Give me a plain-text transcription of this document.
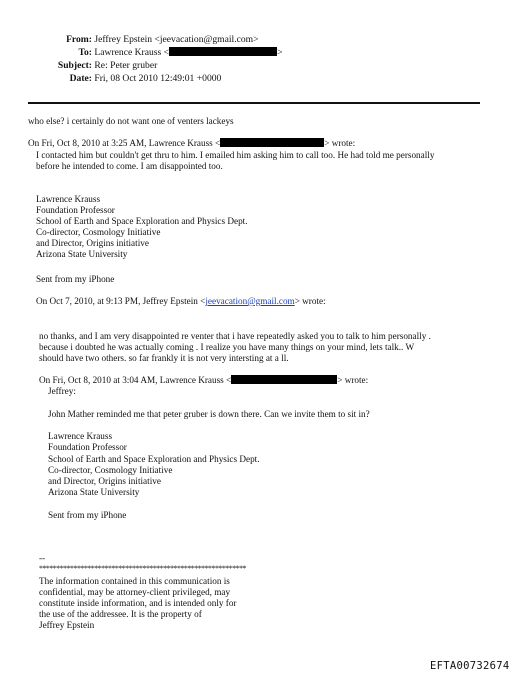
From: Jeffrey Epstein <jeevacation@gmail.com>
To: Lawrence Krauss <	>
Subject: Re: Peter gruber
Date: Fri, 08 Oct 2010 12:49:01 +0000
who else? i certainly do not want one of venters lackeys
On Fri, Oct 8, 2010 at 3:25 AM, Lawrence Krauss <	> wrote:
I contacted him but couldn't get thru to him. I emailed him asking him to call too. He had told me personally
before he intended to come. I am disappointed too.
Lawrence Krauss
Foundation Professor
School of Earth and Space Exploration and Physics Dept.
Co-director, Cosmology Initiative
and Director, Origins initiative
Arizona State University
Sent from my iPhone
On Oct 7, 2010, at 9:13 PM, Jeffrey Epstein <jeevacation@gmail.com> wrote:
no thanks, and I am very disappointed re venter that i have repeatedly asked you to talk to him personally .
because i doubted he was actually coming . I realize you have many things on your mind, lets talk.. W
should have two others. so far frankly it is not very intersting at a ll.
On Fri, Oct 8, 2010 at 3:04 AM, Lawrence Krauss <	> wrote:
Jeffrey:
John Mather reminded me that peter gruber is down there. Can we invite them to sit in?
Lawrence Krauss
Foundation Professor
School of Earth and Space Exploration and Physics Dept.
Co-director, Cosmology Initiative
and Director, Origins initiative
Arizona State University
Sent from my iPhone
--
************************************************************
The information contained in this communication is
confidential, may be attorney-client privileged, may
constitute inside information, and is intended only for
the use of the addressee. It is the property of
Jeffrey Epstein
EFTA00732674
